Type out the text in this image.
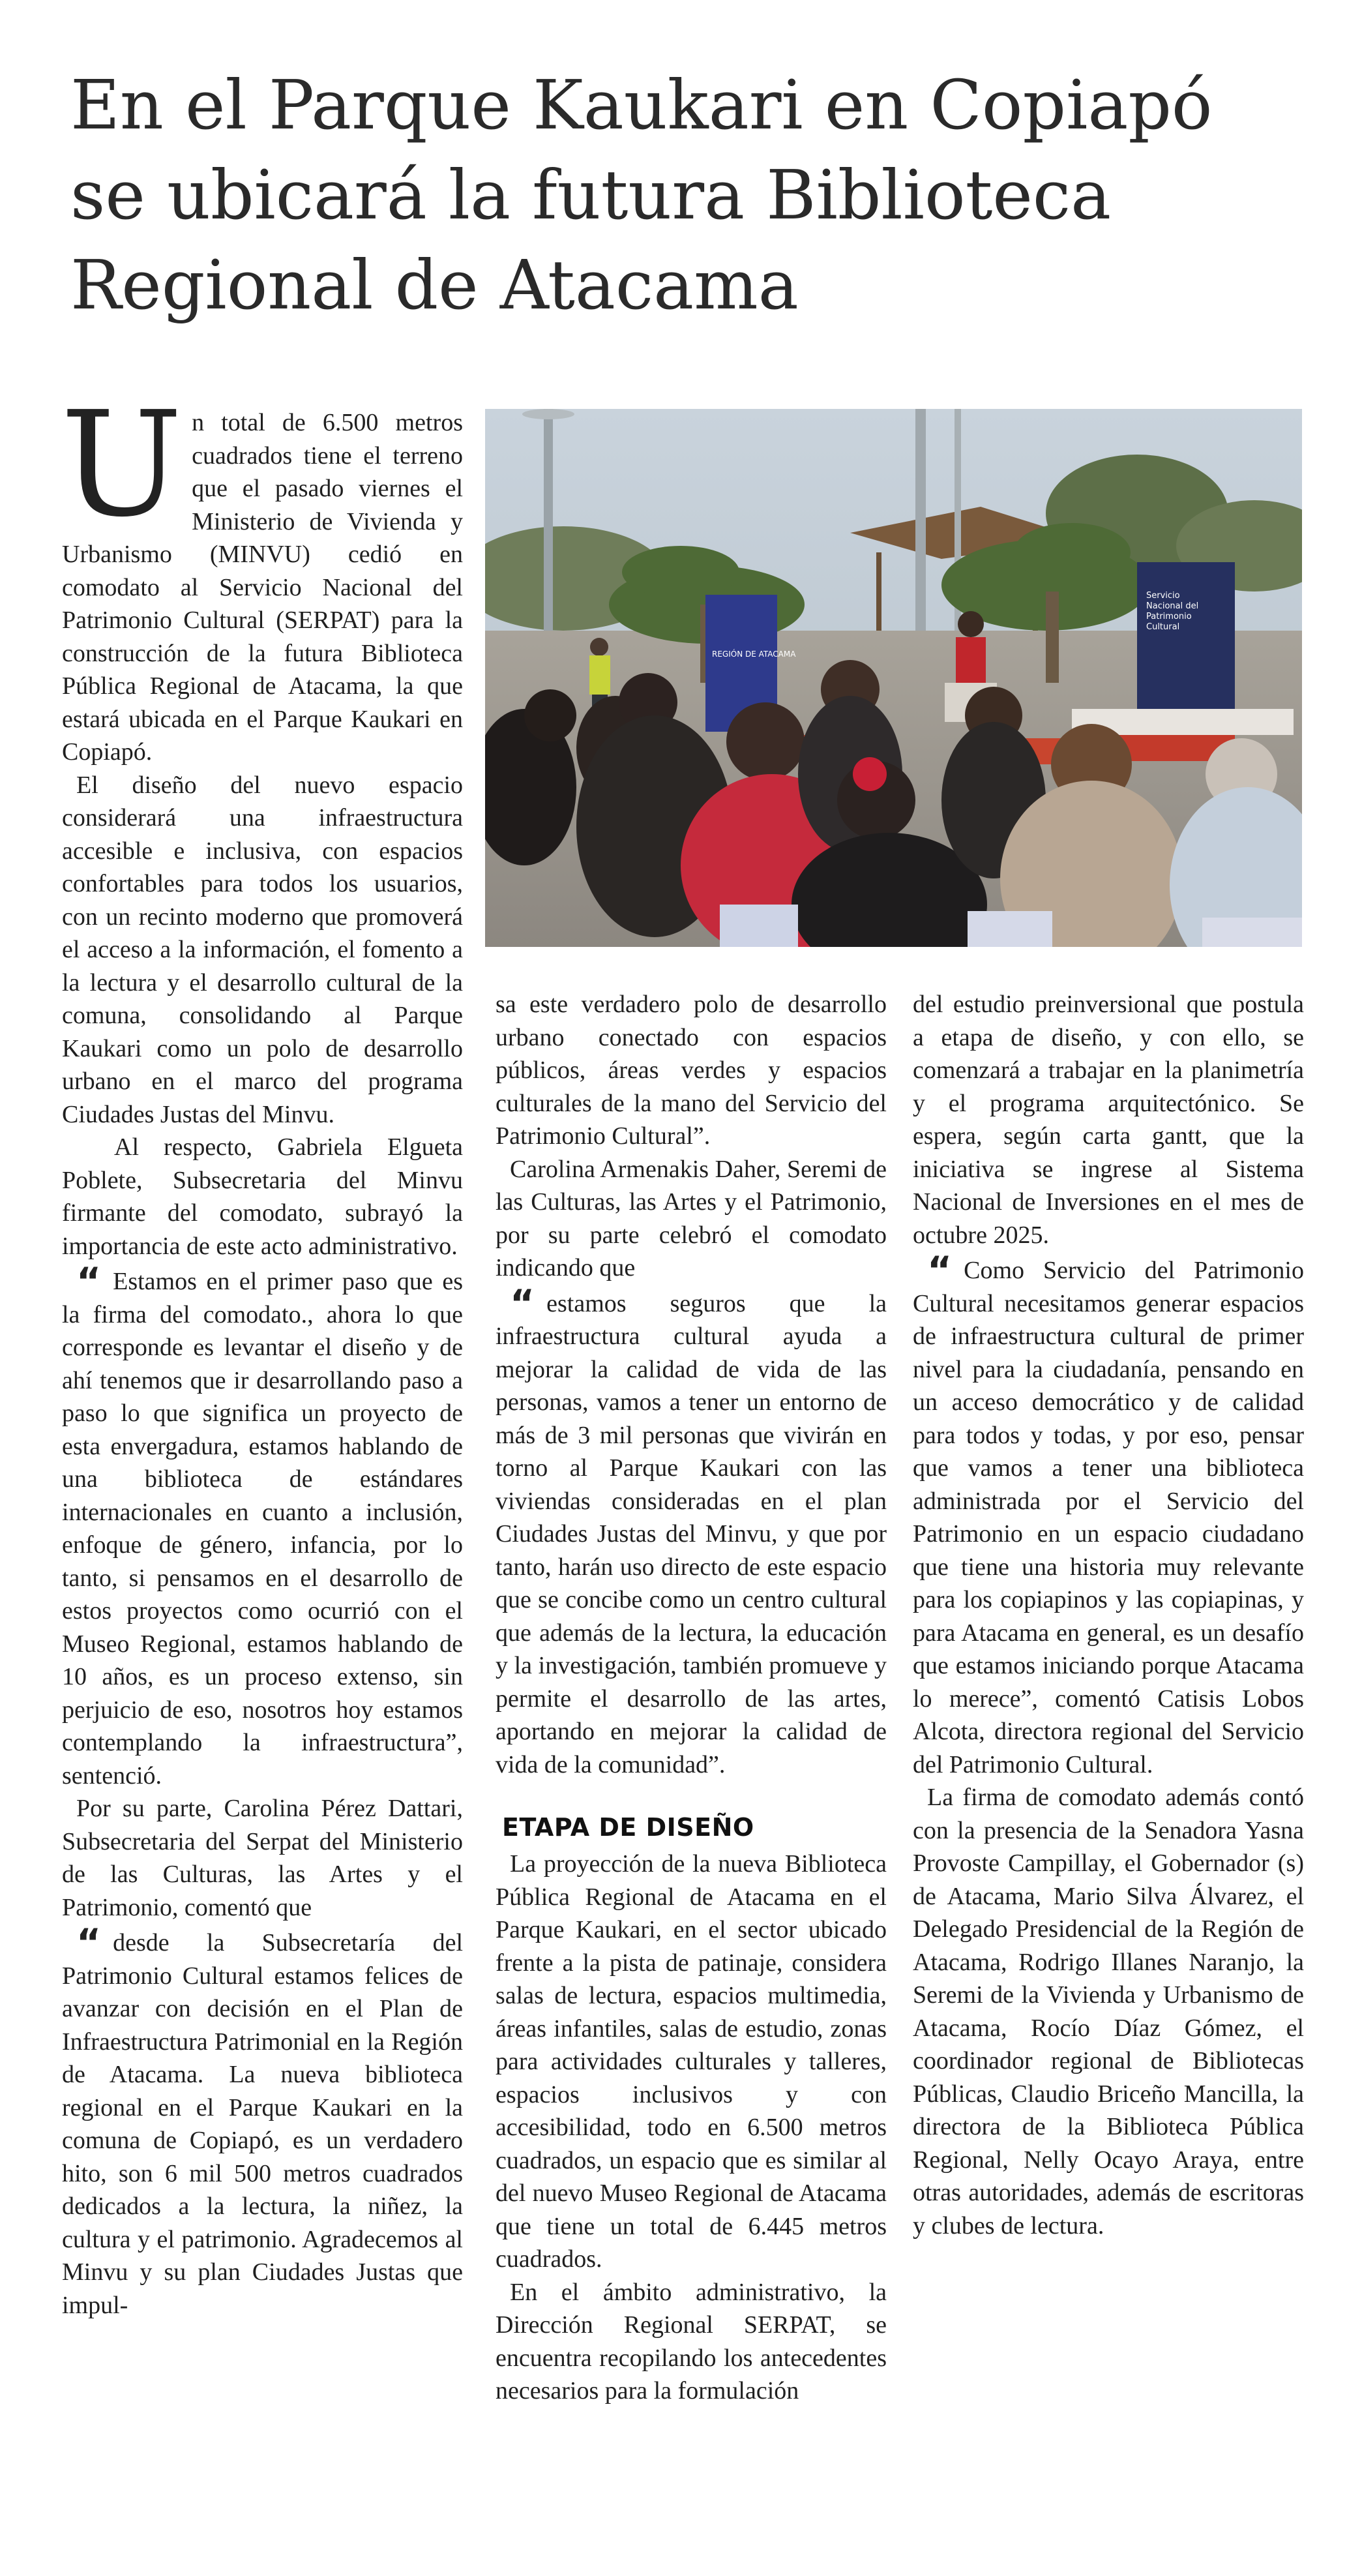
En el Parque Kaukari en Copiapó se ubicará la futura Biblioteca Regional de Atacama
REGIÓN DE ATACAMA
Servicio
Nacional del
Patrimonio
Cultural
U n total de 6.500 metros cuadrados tiene el terreno que el pasado viernes el Ministerio de Vivienda y Urbanismo (MINVU) cedió en comodato al Servicio Nacional del Patrimonio Cultural (SERPAT) para la construcción de la futura Biblioteca Pública Regional de Atacama, la que estará ubicada en el Parque Kaukari en Copiapó.

El diseño del nuevo espacio considerará una infraestructura accesible e inclusiva, con espacios confortables para todos los usuarios, con un recinto moderno que promoverá el acceso a la información, el fomento a la lectura y el desarrollo cultural de la comuna, consolidando al Parque Kaukari como un polo de desarrollo urbano en el marco del programa Ciudades Justas del Minvu.

Al respecto, Gabriela Elgueta Poblete, Subsecretaria del Minvu firmante del comodato, subrayó la importancia de este acto administrativo.

“ Estamos en el primer paso que es la firma del comodato., ahora lo que corresponde es levantar el diseño y de ahí tenemos que ir desarrollando paso a paso lo que significa un proyecto de esta envergadura, estamos hablando de una biblioteca de estándares internacionales en cuanto a inclusión, enfoque de género, infancia, por lo tanto, si pensamos en el desarrollo de estos proyectos como ocurrió con el Museo Regional, estamos hablando de 10 años, es un proceso extenso, sin perjuicio de eso, nosotros hoy estamos contemplando la infraestructura”, sentenció.

Por su parte, Carolina Pérez Dattari, Subsecretaria del Serpat del Ministerio de las Culturas, las Artes y el Patrimonio, comentó que

“ desde la Subsecretaría del Patrimonio Cultural estamos felices de avanzar con decisión en el Plan de Infraestructura Patrimonial en la Región de Atacama. La nueva biblioteca regional en el Parque Kaukari en la comuna de Copiapó, es un verdadero hito, son 6 mil 500 metros cuadrados dedicados a la lectura, la niñez, la cultura y el patrimonio. Agradecemos al Minvu y su plan Ciudades Justas que impul-

sa este verdadero polo de desarrollo urbano conectado con espacios públicos, áreas verdes y espacios culturales de la mano del Servicio del Patrimonio Cultural”.

Carolina Armenakis Daher, Seremi de las Culturas, las Artes y el Patrimonio, por su parte celebró el comodato indicando que

“ estamos seguros que la infraestructura cultural ayuda a mejorar la calidad de vida de las personas, vamos a tener un entorno de más de 3 mil personas que vivirán en torno al Parque Kaukari con las viviendas consideradas en el plan Ciudades Justas del Minvu, y que por tanto, harán uso directo de este espacio que se concibe como un centro cultural que además de la lectura, la educación y la investigación, también promueve y permite el desarrollo de las artes, aportando en mejorar la calidad de vida de la comunidad”.

ETAPA DE DISEÑO

La proyección de la nueva Biblioteca Pública Regional de Atacama en el Parque Kaukari, en el sector ubicado frente a la pista de patinaje, considera salas de lectura, espacios multimedia, áreas infantiles, salas de estudio, zonas para actividades culturales y talleres, espacios inclusivos y con accesibilidad, todo en 6.500 metros cuadrados, un espacio que es similar al del nuevo Museo Regional de Atacama que tiene un total de 6.445 metros cuadrados.

En el ámbito administrativo, la Dirección Regional SERPAT, se encuentra recopilando los antecedentes necesarios para la formulación

del estudio preinversional que postula a etapa de diseño, y con ello, se comenzará a trabajar en la planimetría y el programa arquitectónico. Se espera, según carta gantt, que la iniciativa se ingrese al Sistema Nacional de Inversiones en el mes de octubre 2025.

“ Como Servicio del Patrimonio Cultural necesitamos generar espacios de infraestructura cultural de primer nivel para la ciudadanía, pensando en un acceso democrático y de calidad para todos y todas, y por eso, pensar que vamos a tener una biblioteca administrada por el Servicio del Patrimonio en un espacio ciudadano que tiene una historia muy relevante para los copiapinos y las copiapinas, y para Atacama en general, es un desafío que estamos iniciando porque Atacama lo merece”, comentó Catisis Lobos Alcota, directora regional del Servicio del Patrimonio Cultural.

La firma de comodato además contó con la presencia de la Senadora Yasna Provoste Campillay, el Gobernador (s) de Atacama, Mario Silva Álvarez, el Delegado Presidencial de la Región de Atacama, Rodrigo Illanes Naranjo, la Seremi de la Vivienda y Urbanismo de Atacama, Rocío Díaz Gómez, el coordinador regional de Bibliotecas Públicas, Claudio Briceño Mancilla, la directora de la Biblioteca Pública Regional, Nelly Ocayo Araya, entre otras autoridades, además de escritoras y clubes de lectura.
